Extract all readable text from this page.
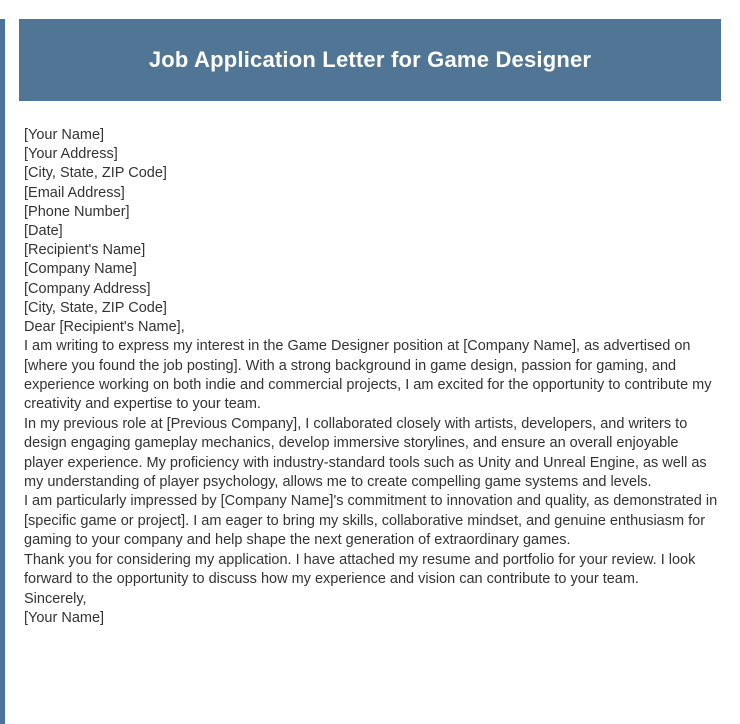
Job Application Letter for Game Designer
[Your Name]
[Your Address]
[City, State, ZIP Code]
[Email Address]
[Phone Number]
[Date]
[Recipient's Name]
[Company Name]
[Company Address]
[City, State, ZIP Code]
Dear [Recipient's Name],

I am writing to express my interest in the Game Designer position at [Company Name], as advertised on [where you found the job posting]. With a strong background in game design, passion for gaming, and experience working on both indie and commercial projects, I am excited for the opportunity to contribute my creativity and expertise to your team.

In my previous role at [Previous Company], I collaborated closely with artists, developers, and writers to design engaging gameplay mechanics, develop immersive storylines, and ensure an overall enjoyable player experience. My proficiency with industry-standard tools such as Unity and Unreal Engine, as well as my understanding of player psychology, allows me to create compelling game systems and levels.

I am particularly impressed by [Company Name]'s commitment to innovation and quality, as demonstrated in [specific game or project]. I am eager to bring my skills, collaborative mindset, and genuine enthusiasm for gaming to your company and help shape the next generation of extraordinary games.

Thank you for considering my application. I have attached my resume and portfolio for your review. I look forward to the opportunity to discuss how my experience and vision can contribute to your team.

Sincerely,
[Your Name]
